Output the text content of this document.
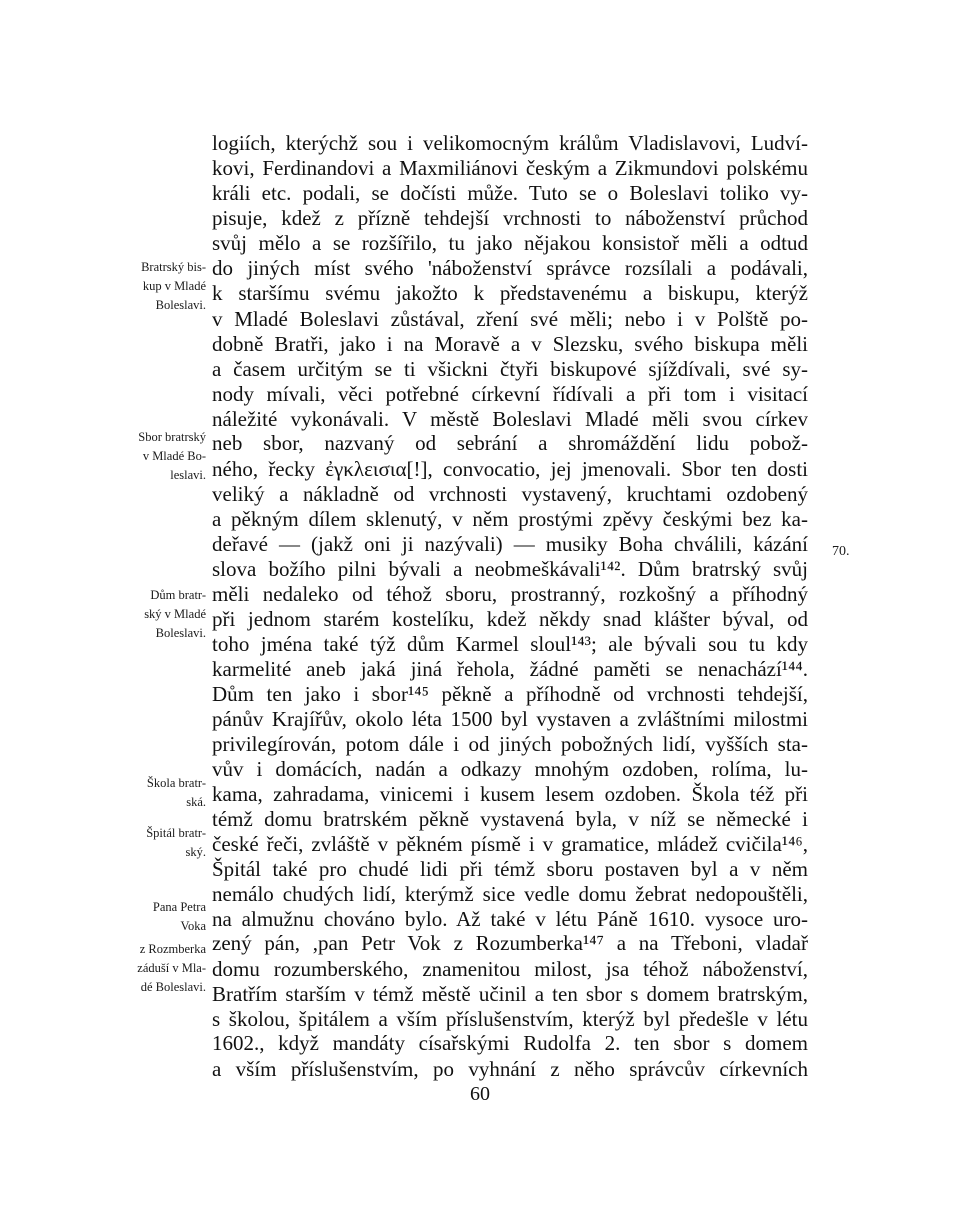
logiích, kterýchž sou i velikomocným králům Vladislavovi, Ludví-
kovi, Ferdinandovi a Maxmiliánovi českým a Zikmundovi polskému
králi etc. podali, se dočísti může. Tuto se o Boleslavi toliko vy-
pisuje, kdež z přízně tehdejší vrchnosti to náboženství průchod
svůj mělo a se rozšířilo, tu jako nějakou konsistoř měli a odtud
do jiných míst svého 'náboženství správce rozsílali a podávali,
k staršímu svému jakožto k představenému a biskupu, kterýž
v Mladé Boleslavi zůstával, zření své měli; nebo i v Polště po-
dobně Bratři, jako i na Moravě a v Slezsku, svého biskupa měli
a časem určitým se ti všickni čtyři biskupové sjíždívali, své sy-
nody mívali, věci potřebné církevní řídívali a při tom i visitací
náležité vykonávali. V městě Boleslavi Mladé měli svou církev
neb sbor, nazvaný od sebrání a shromáždění lidu pobož-
ného, řecky ἐγκλεισια[!], convocatio, jej jmenovali. Sbor ten dosti
veliký a nákladně od vrchnosti vystavený, kruchtami ozdobený
a pěkným dílem sklenutý, v něm prostými zpěvy českými bez ka-
deřavé — (jakž oni ji nazývali) — musiky Boha chválili, kázání
slova božího pilni bývali a neobmeškávali¹⁴². Dům bratrský svůj
měli nedaleko od téhož sboru, prostranný, rozkošný a příhodný
při jednom starém kostelíku, kdež někdy snad klášter býval, od
toho jména také týž dům Karmel sloul¹⁴³; ale bývali sou tu kdy
karmelité aneb jaká jiná řehola, žádné paměti se nenachází¹⁴⁴.
Dům ten jako i sbor¹⁴⁵ pěkně a příhodně od vrchnosti tehdejší,
pánův Krajířův, okolo léta 1500 byl vystaven a zvláštními milostmi
privilegírován, potom dále i od jiných pobožných lidí, vyšších sta-
vův i domácích, nadán a odkazy mnohým ozdoben, rolíma, lu-
kama, zahradama, vinicemi i kusem lesem ozdoben. Škola též při
témž domu bratrském pěkně vystavená byla, v níž se německé i
české řeči, zvláště v pěkném písmě i v gramatice, mládež cvičila¹⁴⁶,
Špitál také pro chudé lidi při témž sboru postaven byl a v něm
nemálo chudých lidí, kterýmž sice vedle domu žebrat nedopouštěli,
na almužnu chováno bylo. Až také v létu Páně 1610. vysoce uro-
zený pán, ,pan Petr Vok z Rozumberka¹⁴⁷ a na Třeboni, vladař
domu rozumberského, znamenitou milost, jsa téhož náboženství,
Bratřím starším v témž městě učinil a ten sbor s domem bratrským,
s školou, špitálem a vším příslušenstvím, kterýž byl předešle v létu
1602., když mandáty císařskými Rudolfa 2. ten sbor s domem
a vším příslušenstvím, po vyhnání z něho správcův církevních
Bratrský bis-
kup v Mladé
Boleslavi.
Sbor bratrský
v Mladé Bo-
leslavi.
Dům bratr-
ský v Mladé
Boleslavi.
Škola bratr-
ská.
Špitál bratr-
ský.
Pana Petra
Voka
z Rozmberka
záduší v Mla-
dé Boleslavi.
70.
60
